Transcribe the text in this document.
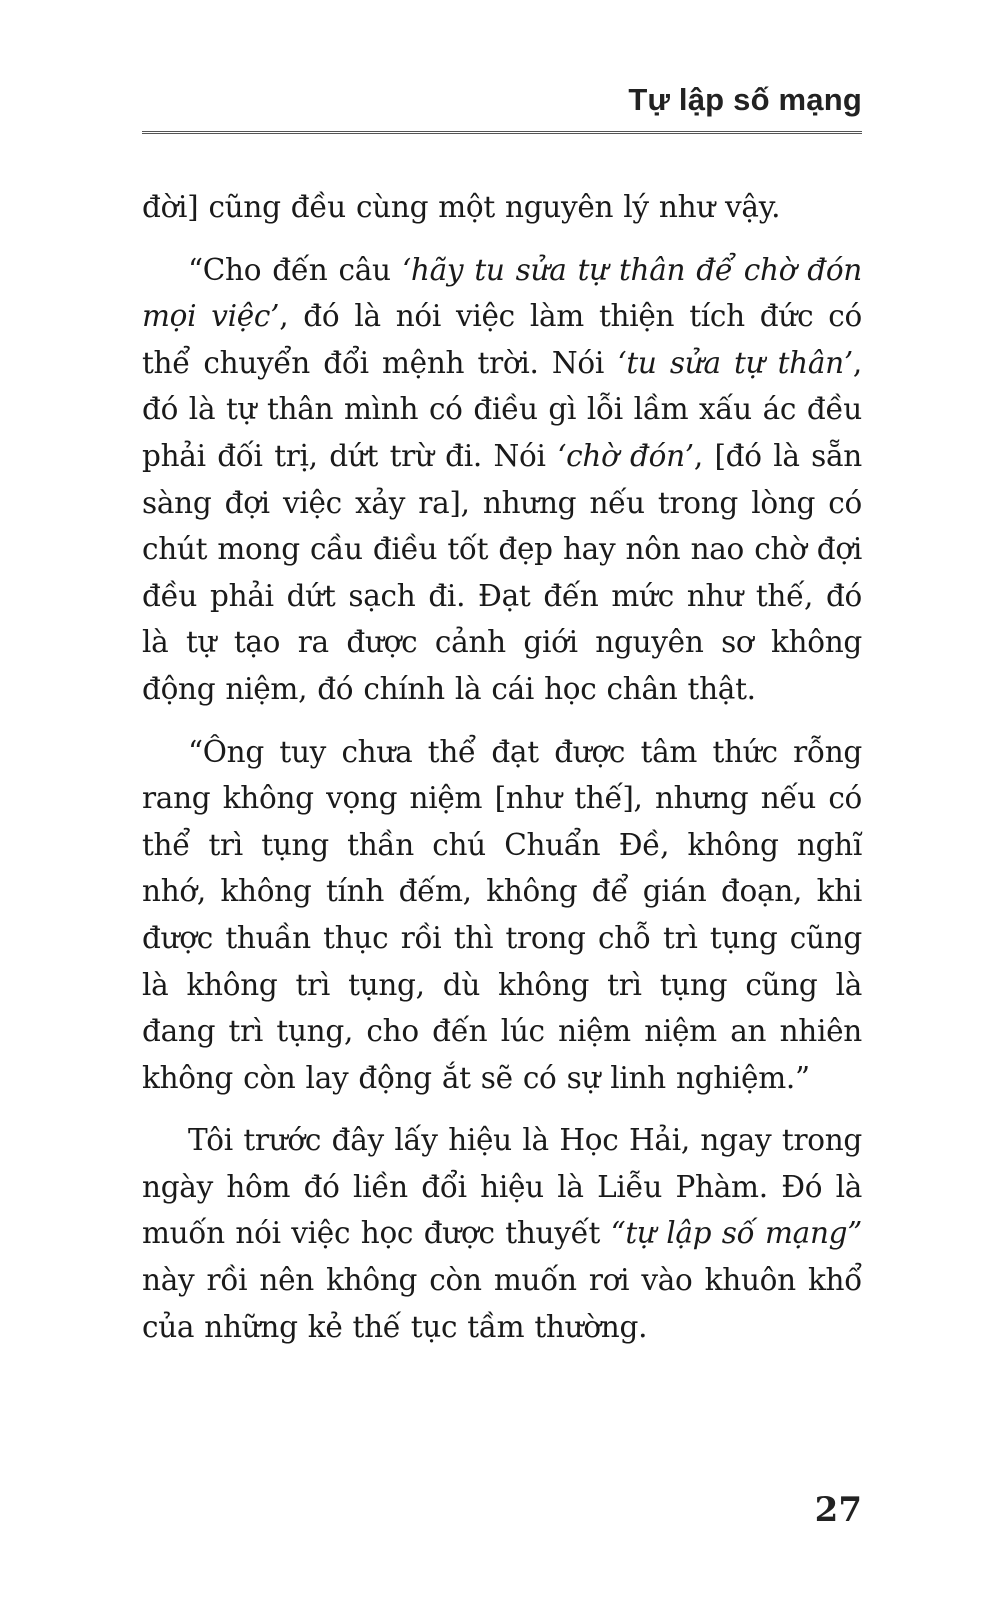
Tự lập số mạng

đời] cũng đều cùng một nguyên lý như vậy.

“Cho đến câu ‘hãy tu sửa tự thân để chờ đón mọi việc’, đó là nói việc làm thiện tích đức có thể chuyển đổi mệnh trời. Nói ‘tu sửa tự thân’, đó là tự thân mình có điều gì lỗi lầm xấu ác đều phải đối trị, dứt trừ đi. Nói ‘chờ đón’, [đó là sẵn sàng đợi việc xảy ra], nhưng nếu trong lòng có chút mong cầu điều tốt đẹp hay nôn nao chờ đợi đều phải dứt sạch đi. Đạt đến mức như thế, đó là tự tạo ra được cảnh giới nguyên sơ không động niệm, đó chính là cái học chân thật.

“Ông tuy chưa thể đạt được tâm thức rỗng rang không vọng niệm [như thế], nhưng nếu có thể trì tụng thần chú Chuẩn Đề, không nghĩ nhớ, không tính đếm, không để gián đoạn, khi được thuần thục rồi thì trong chỗ trì tụng cũng là không trì tụng, dù không trì tụng cũng là đang trì tụng, cho đến lúc niệm niệm an nhiên không còn lay động ắt sẽ có sự linh nghiệm.”

Tôi trước đây lấy hiệu là Học Hải, ngay trong ngày hôm đó liền đổi hiệu là Liễu Phàm. Đó là muốn nói việc học được thuyết “tự lập số mạng” này rồi nên không còn muốn rơi vào khuôn khổ của những kẻ thế tục tầm thường.

27
